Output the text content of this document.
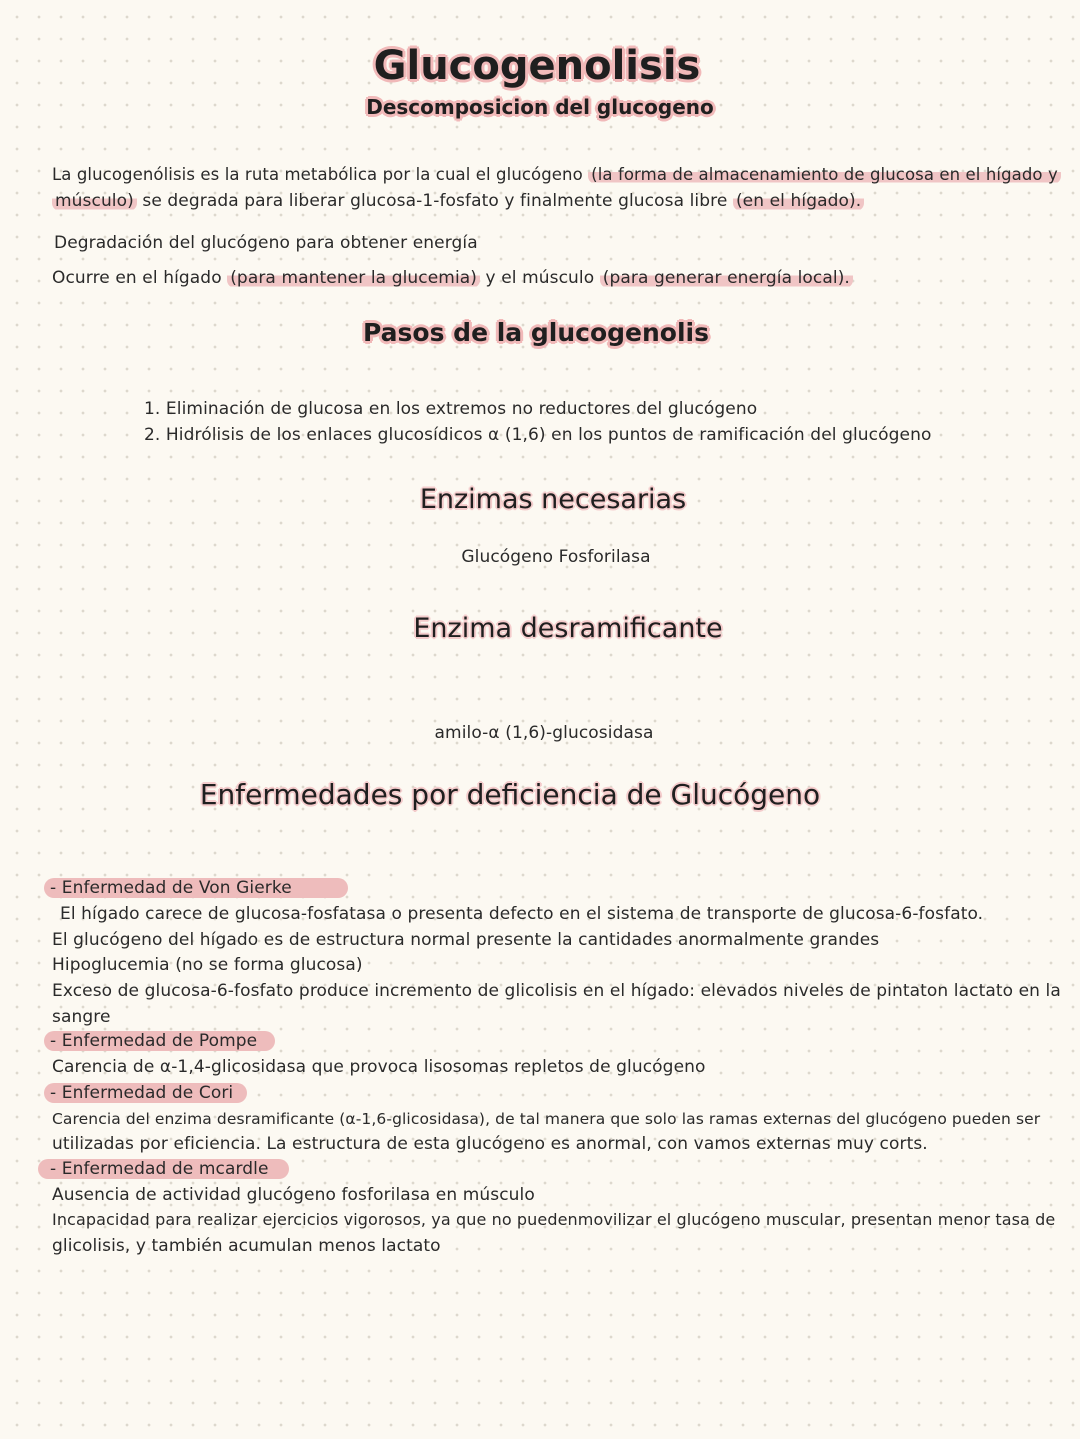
Glucogenolisis
Descomposicion del glucogeno
La glucogenólisis es la ruta metabólica por la cual el glucógeno (la forma de almacenamiento de glucosa en el hígado y
músculo) se degrada para liberar glucosa-1-fosfato y finalmente glucosa libre (en el hígado).
Degradación del glucógeno para obtener energía
Ocurre en el hígado (para mantener la glucemia) y el músculo (para generar energía local).
Pasos de la glucogenolis
1. Eliminación de glucosa en los extremos no reductores del glucógeno
2. Hidrólisis de los enlaces glucosídicos α (1,6) en los puntos de ramificación del glucógeno
Enzimas necesarias
Glucógeno Fosforilasa
Enzima desramificante
amilo-α (1,6)-glucosidasa
Enfermedades por deficiencia de Glucógeno
- Enfermedad de Von Gierke
El hígado carece de glucosa-fosfatasa o presenta defecto en el sistema de transporte de glucosa-6-fosfato.
El glucógeno del hígado es de estructura normal presente la cantidades anormalmente grandes
Hipoglucemia (no se forma glucosa)
Exceso de glucosa-6-fosfato produce incremento de glicolisis en el hígado: elevados niveles de pintaton lactato en la
sangre
- Enfermedad de Pompe
Carencia de α-1,4-glicosidasa que provoca lisosomas repletos de glucógeno
- Enfermedad de Cori
Carencia del enzima desramificante (α-1,6-glicosidasa), de tal manera que solo las ramas externas del glucógeno pueden ser
utilizadas por eficiencia. La estructura de esta glucógeno es anormal, con vamos externas muy corts.
- Enfermedad de mcardle
Ausencia de actividad glucógeno fosforilasa en músculo
Incapacidad para realizar ejercicios vigorosos, ya que no puedenmovilizar el glucógeno muscular, presentan menor tasa de
glicolisis, y también acumulan menos lactato
